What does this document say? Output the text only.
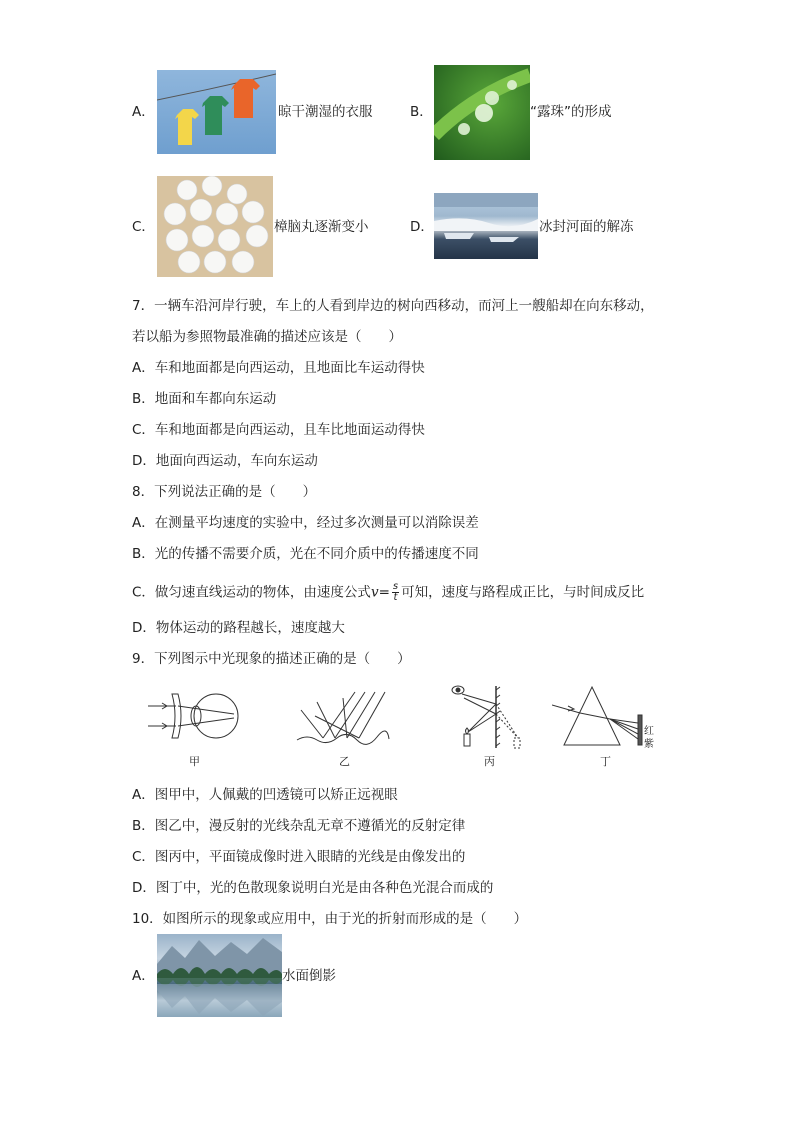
A．	晾干潮湿的衣服	B．	“露珠”的形成
C．	樟脑丸逐渐变小	D．	冰封河面的解冻
7．一辆车沿河岸行驶，车上的人看到岸边的树向西移动，而河上一艘船却在向东移动，
若以船为参照物最准确的描述应该是（　　）
A．车和地面都是向西运动，且地面比车运动得快
B．地面和车都向东运动
C．车和地面都是向西运动，且车比地面运动得快
D．地面向西运动，车向东运动
8．下列说法正确的是（　　）
A．在测量平均速度的实验中，经过多次测量可以消除误差
B．光的传播不需要介质，光在不同介质中的传播速度不同
C．做匀速直线运动的物体，由速度公式$v= \frac{s}{t}$ 可知，速度与路程成正比，与时间成反比
D．物体运动的路程越长，速度越大
9．下列图示中光现象的描述正确的是（　　）
甲	乙	丙
红
紫
丁
A．图甲中，人佩戴的凹透镜可以矫正远视眼
B．图乙中，漫反射的光线杂乱无章不遵循光的反射定律
C．图丙中，平面镜成像时进入眼睛的光线是由像发出的
D．图丁中，光的色散现象说明白光是由各种色光混合而成的
10．如图所示的现象或应用中，由于光的折射而形成的是（　　）
A．	水面倒影
